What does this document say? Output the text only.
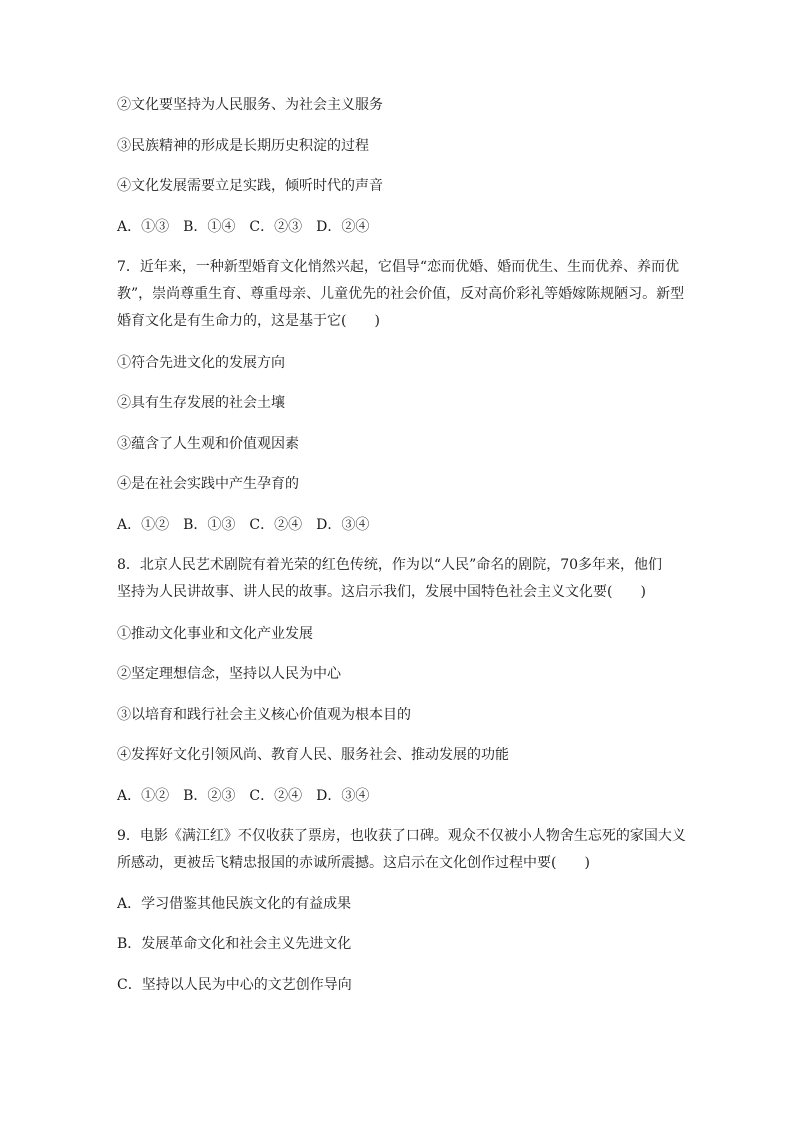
②文化要坚持为人民服务、为社会主义服务
③民族精神的形成是长期历史积淀的过程
④文化发展需要立足实践，倾听时代的声音
A．①③　B．①④　C．②③　D．②④
7．近年来，一种新型婚育文化悄然兴起，它倡导“恋而优婚、婚而优生、生而优养、养而优
教”，崇尚尊重生育、尊重母亲、儿童优先的社会价值，反对高价彩礼等婚嫁陈规陋习。新型
婚育文化是有生命力的，这是基于它(　　)
①符合先进文化的发展方向
②具有生存发展的社会土壤
③蕴含了人生观和价值观因素
④是在社会实践中产生孕育的
A．①②　B．①③　C．②④　D．③④
8．北京人民艺术剧院有着光荣的红色传统，作为以“人民”命名的剧院，70多年来，他们
坚持为人民讲故事、讲人民的故事。这启示我们，发展中国特色社会主义文化要(　　)
①推动文化事业和文化产业发展
②坚定理想信念，坚持以人民为中心
③以培育和践行社会主义核心价值观为根本目的
④发挥好文化引领风尚、教育人民、服务社会、推动发展的功能
A．①②　B．②③　C．②④　D．③④
9．电影《满江红》不仅收获了票房，也收获了口碑。观众不仅被小人物舍生忘死的家国大义
所感动，更被岳飞精忠报国的赤诚所震撼。这启示在文化创作过程中要(　　)
A．学习借鉴其他民族文化的有益成果
B．发展革命文化和社会主义先进文化
C．坚持以人民为中心的文艺创作导向
